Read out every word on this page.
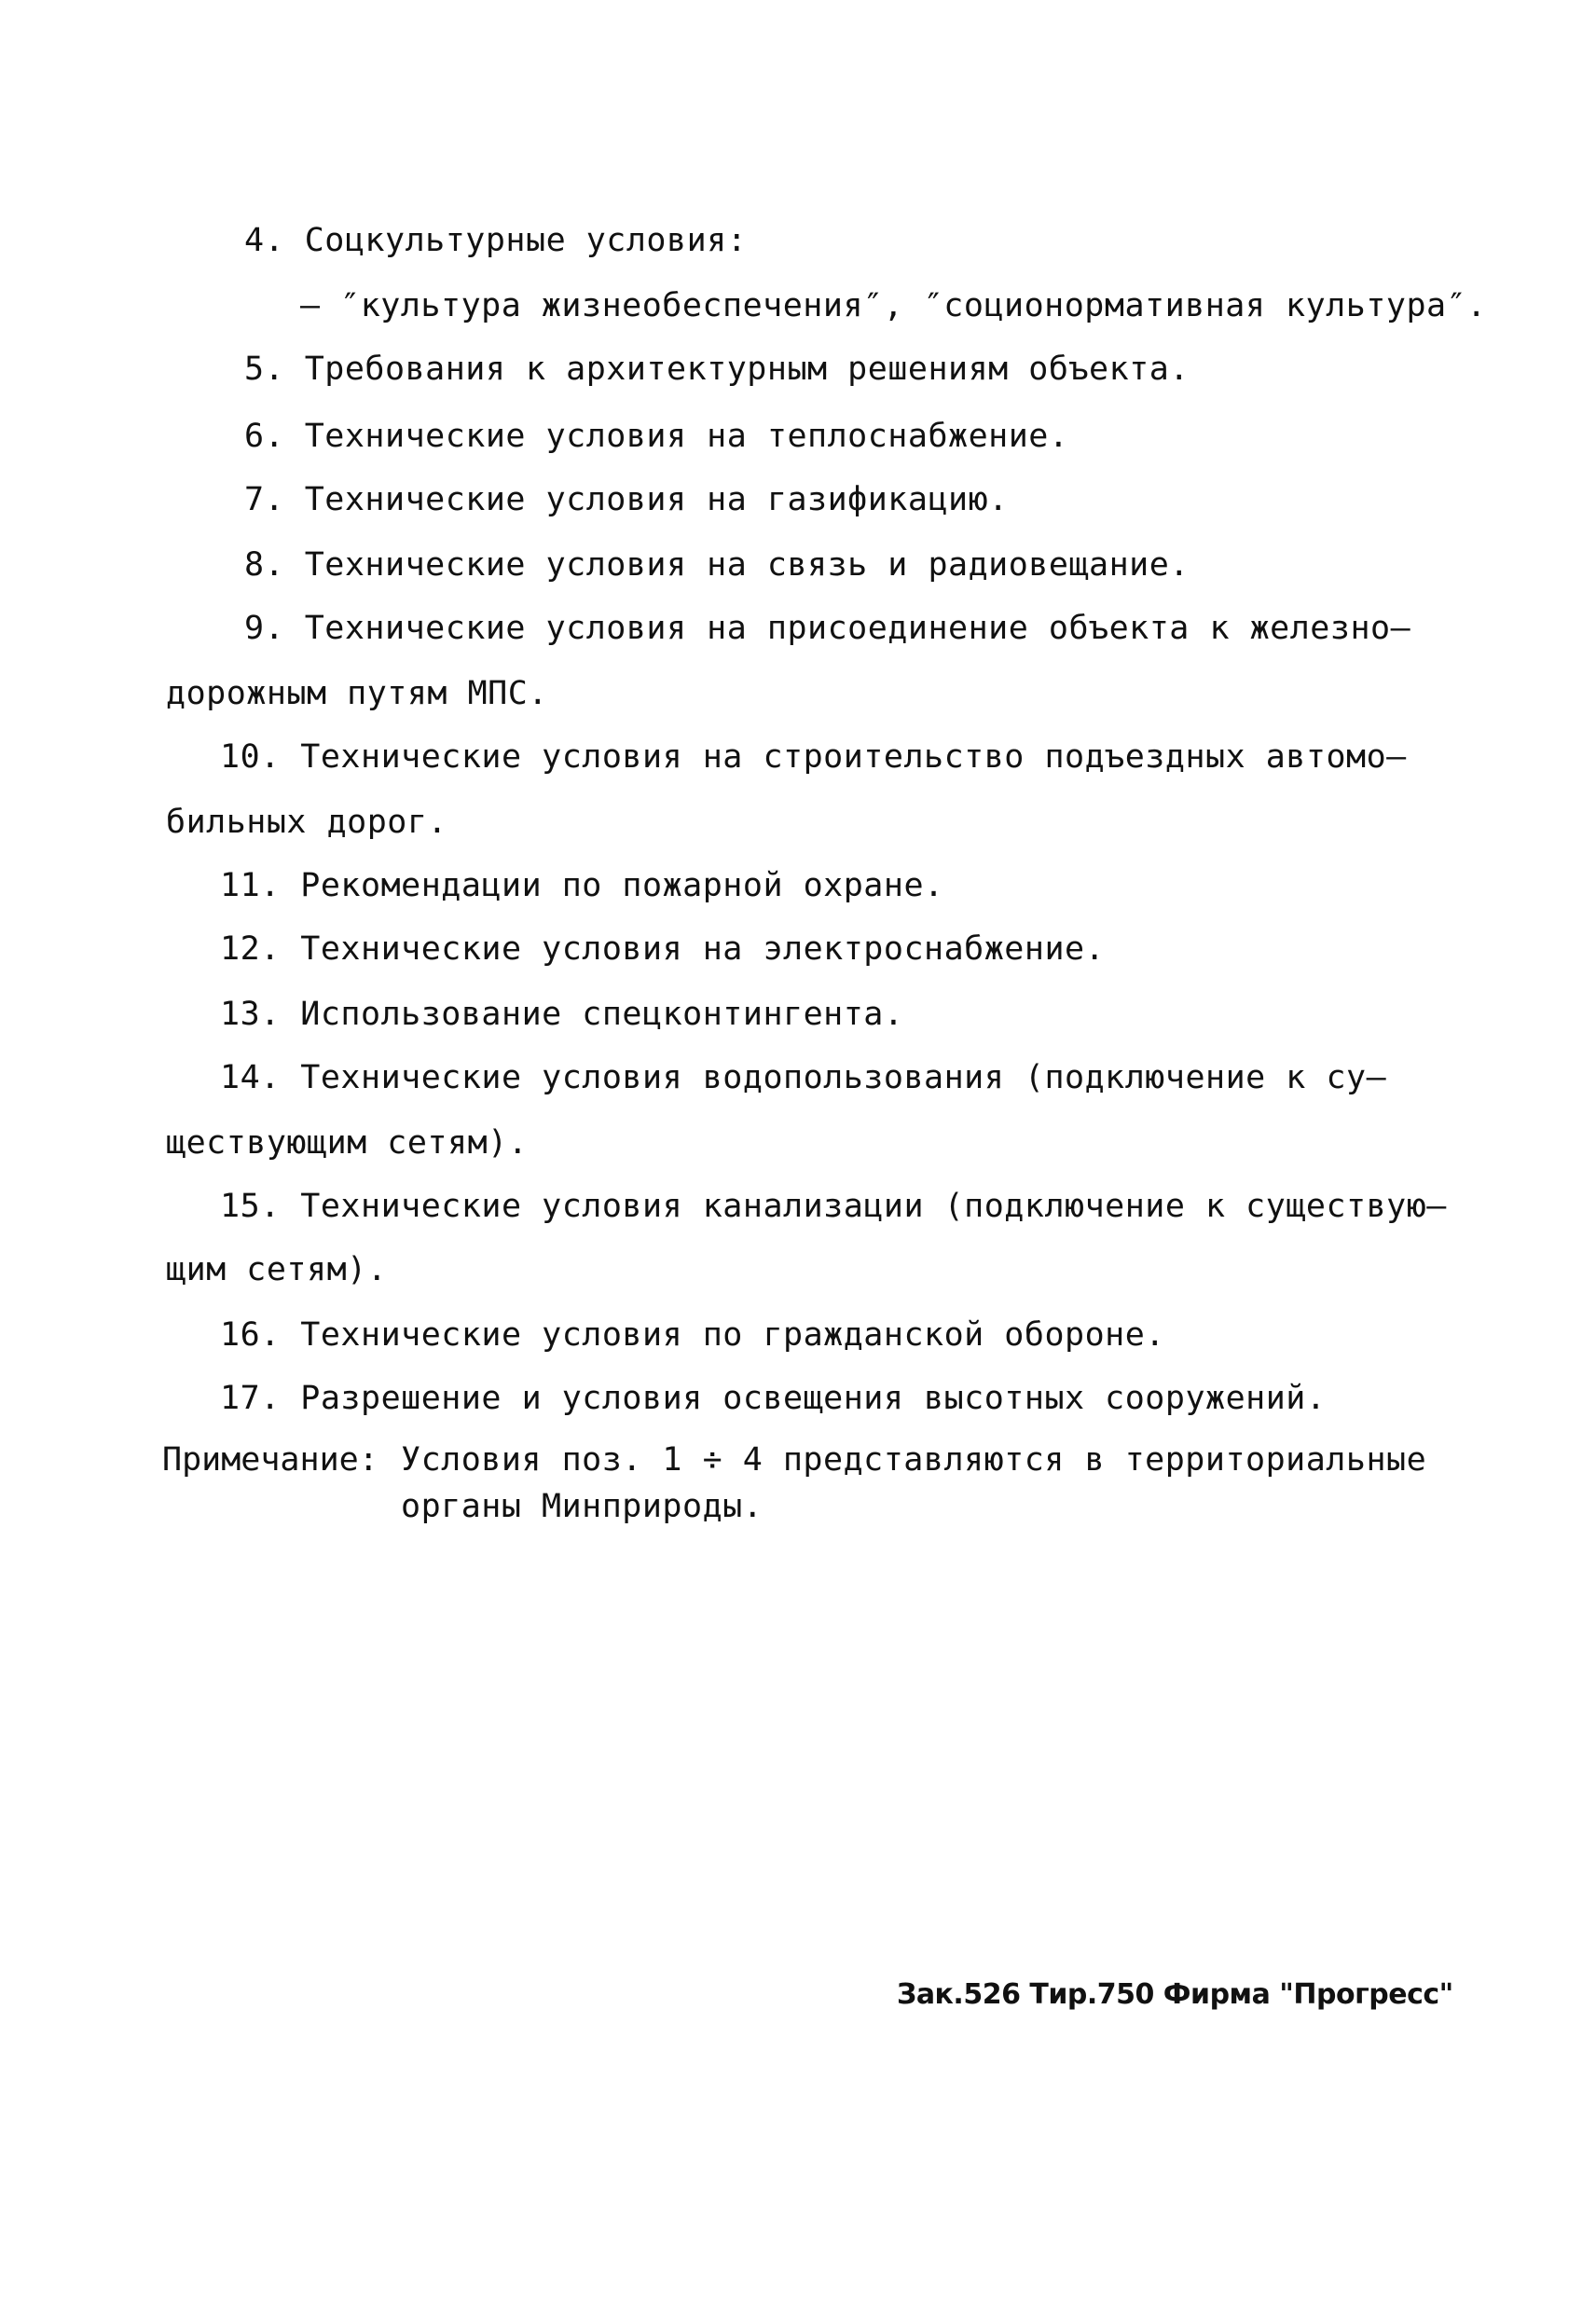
4. Соцкультурные условия:
– ″культура жизнеобеспечения″, ″соционормативная культура″.
5. Требования к архитектурным решениям объекта.
6. Технические условия на теплоснабжение.
7. Технические условия на газификацию.
8. Технические условия на связь и радиовещание.
9. Технические условия на присоединение объекта к железно–
дорожным путям МПС.
10. Технические условия на строительство подъездных автомо–
бильных дорог.
11. Рекомендации по пожарной охране.
12. Технические условия на электроснабжение.
13. Использование спецконтингента.
14. Технические условия водопользования (подключение к су–
ществующим сетям).
15. Технические условия канализации (подключение к существую–
щим сетям).
16. Технические условия по гражданской обороне.
17. Разрешение и условия освещения высотных сооружений.
Примечание: Условия поз. 1 ÷ 4 представляются в территориальные
органы Минприроды.
Зак.526 Тир.750 Фирма "Прогресс"
